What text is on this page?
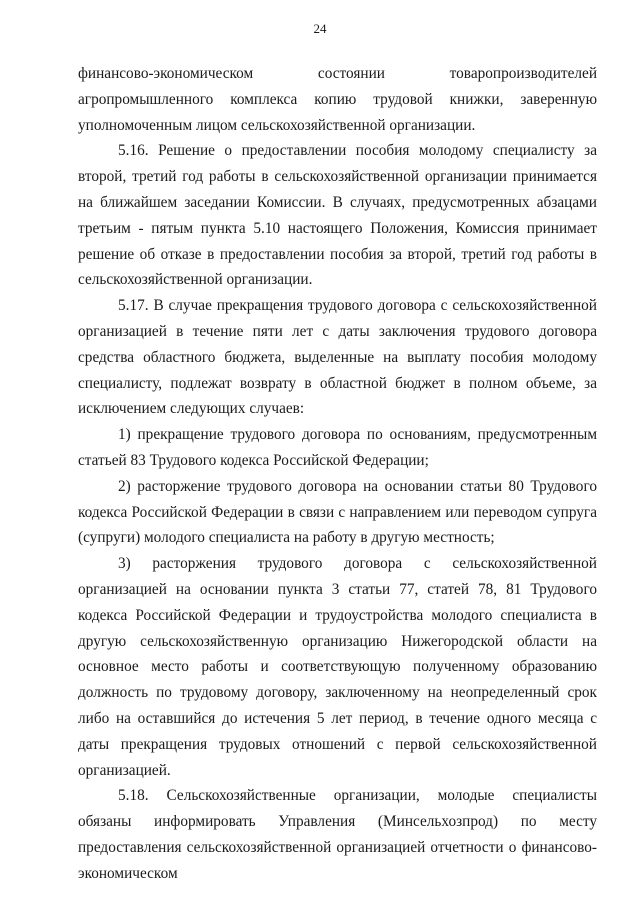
24

финансово-экономическом состоянии товаропроизводителей агропромышленного комплекса копию трудовой книжки, заверенную уполномоченным лицом сельскохозяйственной организации.

5.16. Решение о предоставлении пособия молодому специалисту за второй, третий год работы в сельскохозяйственной организации принимается на ближайшем заседании Комиссии. В случаях, предусмотренных абзацами третьим - пятым пункта 5.10 настоящего Положения, Комиссия принимает решение об отказе в предоставлении пособия за второй, третий год работы в сельскохозяйственной организации.

5.17. В случае прекращения трудового договора с сельскохозяйственной организацией в течение пяти лет с даты заключения трудового договора средства областного бюджета, выделенные на выплату пособия молодому специалисту, подлежат возврату в областной бюджет в полном объеме, за исключением следующих случаев:

1) прекращение трудового договора по основаниям, предусмотренным статьей 83 Трудового кодекса Российской Федерации;

2) расторжение трудового договора на основании статьи 80 Трудового кодекса Российской Федерации в связи с направлением или переводом супруга (супруги) молодого специалиста на работу в другую местность;

3) расторжения трудового договора с сельскохозяйственной организацией на основании пункта 3 статьи 77, статей 78, 81 Трудового кодекса Российской Федерации и трудоустройства молодого специалиста в другую сельскохозяйственную организацию Нижегородской области на основное место работы и соответствующую полученному образованию должность по трудовому договору, заключенному на неопределенный срок либо на оставшийся до истечения 5 лет период, в течение одного месяца с даты прекращения трудовых отношений с первой сельскохозяйственной организацией.

5.18. Сельскохозяйственные организации, молодые специалисты обязаны информировать Управления (Минсельхозпрод) по месту предоставления сельскохозяйственной организацией отчетности о финансово-экономическом
